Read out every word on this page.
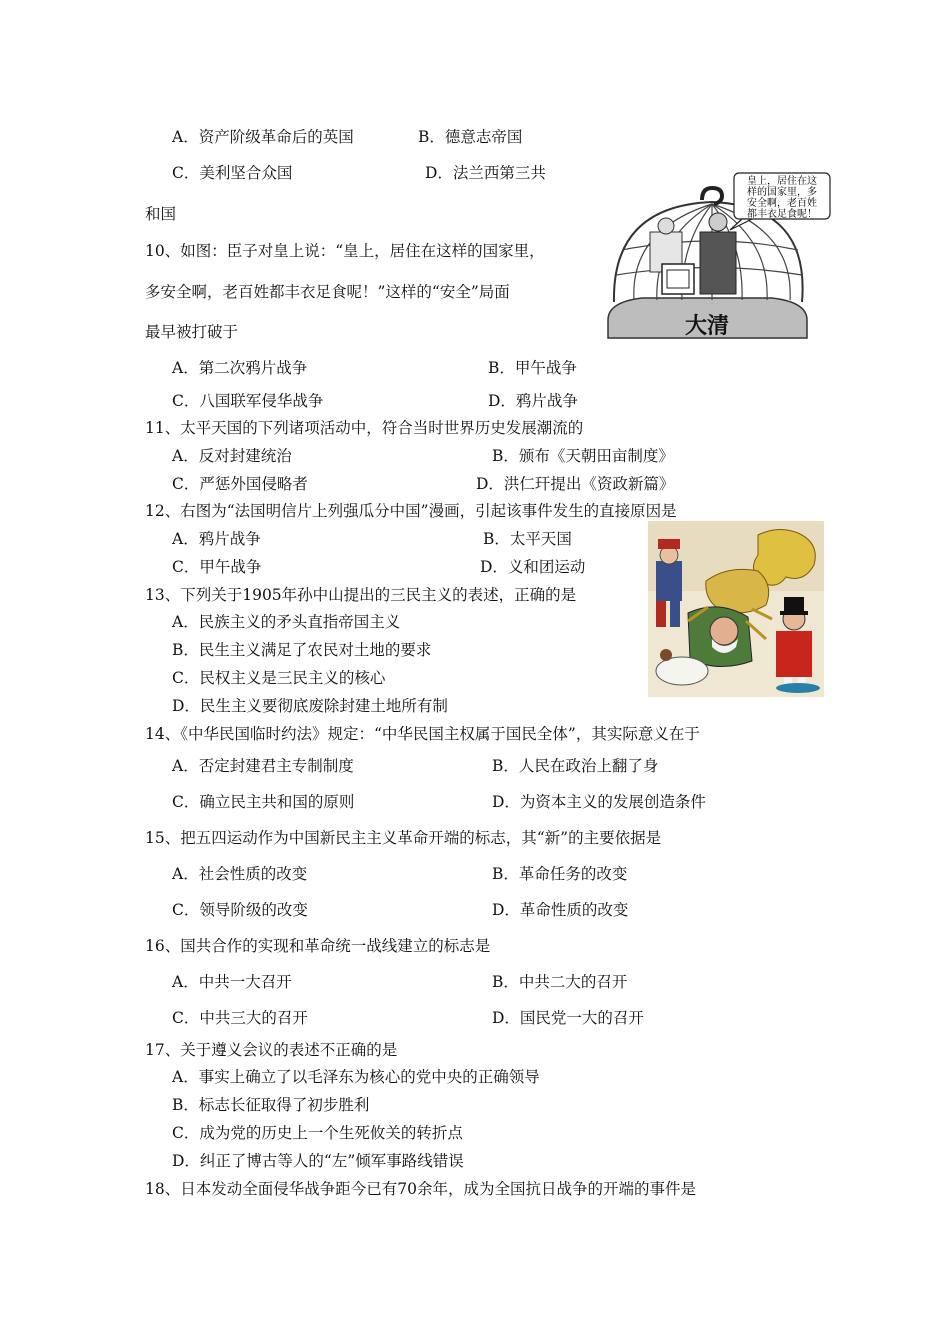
A．资产阶级革命后的英国	B．德意志帝国
C．美利坚合众国	D．法兰西第三共
和国
10、如图：臣子对皇上说：“皇上，居住在这样的国家里，
多安全啊，老百姓都丰衣足食呢！”这样的“安全”局面
最早被打破于
A．第二次鸦片战争	B．甲午战争
C．八国联军侵华战争	D．鸦片战争
皇上，居住在这
样的国家里，多
安全啊，老百姓
都丰衣足食呢！
大清
11、太平天国的下列诸项活动中，符合当时世界历史发展潮流的
A．反对封建统治	B．颁布《天朝田亩制度》
C．严惩外国侵略者	D．洪仁玕提出《资政新篇》
12、右图为“法国明信片上列强瓜分中国”漫画，引起该事件发生的直接原因是
A．鸦片战争	B．太平天国
C．甲午战争	D．义和团运动
13、下列关于1905年孙中山提出的三民主义的表述，正确的是
A．民族主义的矛头直指帝国主义
B．民生主义满足了农民对土地的要求
C．民权主义是三民主义的核心
D．民生主义要彻底废除封建土地所有制
14、《中华民国临时约法》规定：“中华民国主权属于国民全体”，其实际意义在于
A．否定封建君主专制制度	B．人民在政治上翻了身
C．确立民主共和国的原则	D．为资本主义的发展创造条件
15、把五四运动作为中国新民主主义革命开端的标志，其“新”的主要依据是
A．社会性质的改变	B．革命任务的改变
C．领导阶级的改变	D．革命性质的改变
16、国共合作的实现和革命统一战线建立的标志是
A．中共一大召开	B．中共二大的召开
C．中共三大的召开	D．国民党一大的召开
17、关于遵义会议的表述不正确的是
A．事实上确立了以毛泽东为核心的党中央的正确领导
B．标志长征取得了初步胜利
C．成为党的历史上一个生死攸关的转折点
D．纠正了博古等人的“左”倾军事路线错误
18、日本发动全面侵华战争距今已有70余年，成为全国抗日战争的开端的事件是
